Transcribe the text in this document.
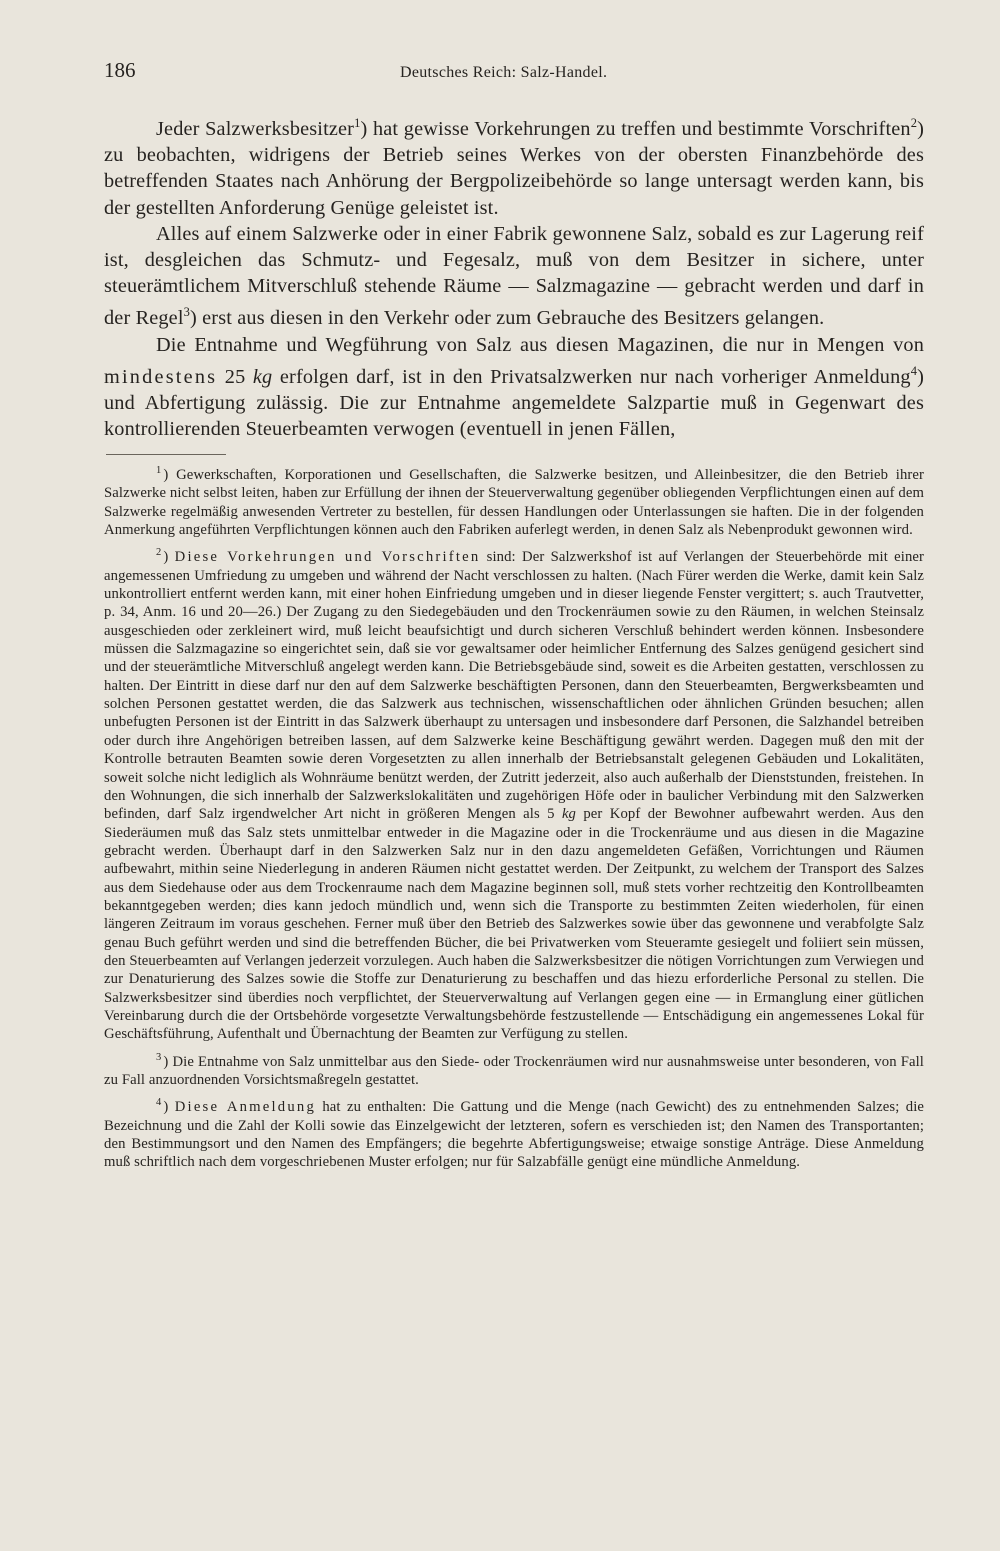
186	Deutsches Reich: Salz-Handel.

Jeder Salzwerksbesitzer$^1$) hat gewisse Vorkehrungen zu treffen und bestimmte Vorschriften$^2$) zu beobachten, widrigens der Betrieb seines Werkes von der obersten Finanzbehörde des betreffenden Staates nach Anhörung der Bergpolizeibehörde so lange untersagt werden kann, bis der gestellten Anforderung Genüge geleistet ist.

Alles auf einem Salzwerke oder in einer Fabrik gewonnene Salz, sobald es zur Lagerung reif ist, desgleichen das Schmutz- und Fegesalz, muß von dem Besitzer in sichere, unter steuerämtlichem Mitverschluß stehende Räume — Salzmagazine — gebracht werden und darf in der Regel$^3$) erst aus diesen in den Verkehr oder zum Gebrauche des Besitzers gelangen.

Die Entnahme und Wegführung von Salz aus diesen Magazinen, die nur in Mengen von mindestens 25 kg erfolgen darf, ist in den Privatsalzwerken nur nach vorheriger Anmeldung$^4$) und Abfertigung zulässig. Die zur Entnahme angemeldete Salzpartie muß in Gegenwart des kontrollierenden Steuerbeamten verwogen (eventuell in jenen Fällen,

$^1$ ) Gewerkschaften, Korporationen und Gesellschaften, die Salzwerke besitzen, und Alleinbesitzer, die den Betrieb ihrer Salzwerke nicht selbst leiten, haben zur Erfüllung der ihnen der Steuerverwaltung gegenüber obliegenden Verpflichtungen einen auf dem Salzwerke regelmäßig anwesenden Vertreter zu bestellen, für dessen Handlungen oder Unterlassungen sie haften. Die in der folgenden Anmerkung angeführten Verpflichtungen können auch den Fabriken auferlegt werden, in denen Salz als Nebenprodukt gewonnen wird.

$^2$ ) Diese Vorkehrungen und Vorschriften sind: Der Salzwerkshof ist auf Verlangen der Steuerbehörde mit einer angemessenen Umfriedung zu umgeben und während der Nacht verschlossen zu halten. (Nach Fürer werden die Werke, damit kein Salz unkontrolliert entfernt werden kann, mit einer hohen Einfriedung umgeben und in dieser liegende Fenster vergittert; s. auch Trautvetter, p. 34, Anm. 16 und 20—26.) Der Zugang zu den Siedegebäuden und den Trockenräumen sowie zu den Räumen, in welchen Steinsalz ausgeschieden oder zerkleinert wird, muß leicht beaufsichtigt und durch sicheren Verschluß behindert werden können. Insbesondere müssen die Salzmagazine so eingerichtet sein, daß sie vor gewaltsamer oder heimlicher Entfernung des Salzes genügend gesichert sind und der steuerämtliche Mitverschluß angelegt werden kann. Die Betriebsgebäude sind, soweit es die Arbeiten gestatten, verschlossen zu halten. Der Eintritt in diese darf nur den auf dem Salzwerke beschäftigten Personen, dann den Steuerbeamten, Bergwerksbeamten und solchen Personen gestattet werden, die das Salzwerk aus technischen, wissenschaftlichen oder ähnlichen Gründen besuchen; allen unbefugten Personen ist der Eintritt in das Salzwerk überhaupt zu untersagen und insbesondere darf Personen, die Salzhandel betreiben oder durch ihre Angehörigen betreiben lassen, auf dem Salzwerke keine Beschäftigung gewährt werden. Dagegen muß den mit der Kontrolle betrauten Beamten sowie deren Vorgesetzten zu allen innerhalb der Betriebsanstalt gelegenen Gebäuden und Lokalitäten, soweit solche nicht lediglich als Wohnräume benützt werden, der Zutritt jederzeit, also auch außerhalb der Dienststunden, freistehen. In den Wohnungen, die sich innerhalb der Salzwerkslokalitäten und zugehörigen Höfe oder in baulicher Verbindung mit den Salzwerken befinden, darf Salz irgendwelcher Art nicht in größeren Mengen als 5 kg per Kopf der Bewohner aufbewahrt werden. Aus den Siederäumen muß das Salz stets unmittelbar entweder in die Magazine oder in die Trockenräume und aus diesen in die Magazine gebracht werden. Überhaupt darf in den Salzwerken Salz nur in den dazu angemeldeten Gefäßen, Vorrichtungen und Räumen aufbewahrt, mithin seine Niederlegung in anderen Räumen nicht gestattet werden. Der Zeitpunkt, zu welchem der Transport des Salzes aus dem Siedehause oder aus dem Trockenraume nach dem Magazine beginnen soll, muß stets vorher rechtzeitig den Kontrollbeamten bekanntgegeben werden; dies kann jedoch mündlich und, wenn sich die Transporte zu bestimmten Zeiten wiederholen, für einen längeren Zeitraum im voraus geschehen. Ferner muß über den Betrieb des Salzwerkes sowie über das gewonnene und verabfolgte Salz genau Buch geführt werden und sind die betreffenden Bücher, die bei Privatwerken vom Steueramte gesiegelt und foliiert sein müssen, den Steuerbeamten auf Verlangen jederzeit vorzulegen. Auch haben die Salzwerksbesitzer die nötigen Vorrichtungen zum Verwiegen und zur Denaturierung des Salzes sowie die Stoffe zur Denaturierung zu beschaffen und das hiezu erforderliche Personal zu stellen. Die Salzwerksbesitzer sind überdies noch verpflichtet, der Steuerverwaltung auf Verlangen gegen eine — in Ermanglung einer gütlichen Vereinbarung durch die der Ortsbehörde vorgesetzte Verwaltungsbehörde festzustellende — Entschädigung ein angemessenes Lokal für Geschäftsführung, Aufenthalt und Übernachtung der Beamten zur Verfügung zu stellen.

$^3$ ) Die Entnahme von Salz unmittelbar aus den Siede- oder Trockenräumen wird nur ausnahmsweise unter besonderen, von Fall zu Fall anzuordnenden Vorsichtsmaßregeln gestattet.

$^4$ ) Diese Anmeldung hat zu enthalten: Die Gattung und die Menge (nach Gewicht) des zu entnehmenden Salzes; die Bezeichnung und die Zahl der Kolli sowie das Einzelgewicht der letzteren, sofern es verschieden ist; den Namen des Transportanten; den Bestimmungsort und den Namen des Empfängers; die begehrte Abfertigungsweise; etwaige sonstige Anträge. Diese Anmeldung muß schriftlich nach dem vorgeschriebenen Muster erfolgen; nur für Salzabfälle genügt eine mündliche Anmeldung.
